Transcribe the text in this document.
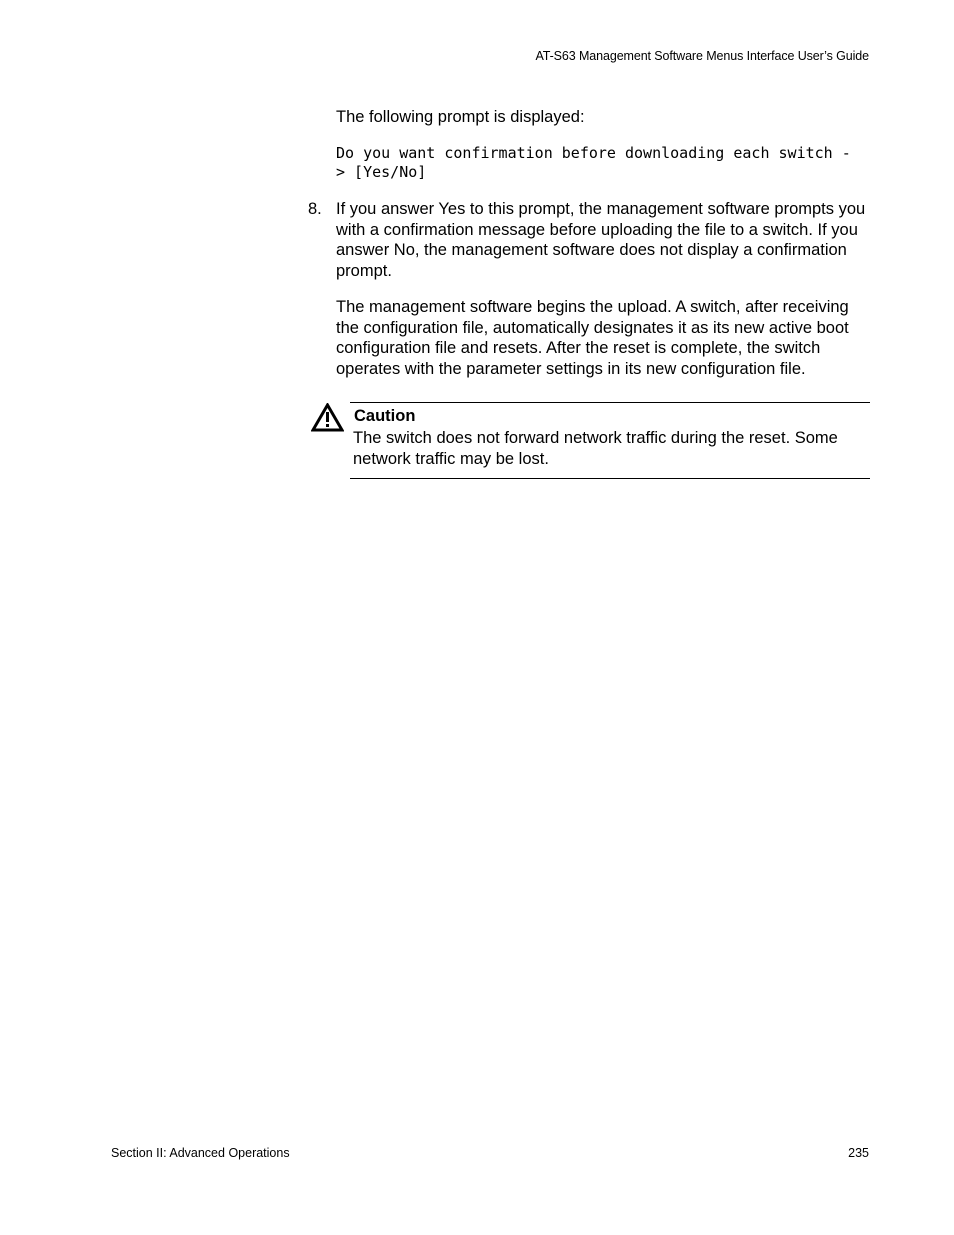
AT-S63 Management Software Menus Interface User’s Guide
The following prompt is displayed:
Do you want confirmation before downloading each switch -
> [Yes/No]
8. If you answer Yes to this prompt, the management software prompts you with a confirmation message before uploading the file to a switch. If you answer No, the management software does not display a confirmation prompt.
The management software begins the upload. A switch, after receiving the configuration file, automatically designates it as its new active boot configuration file and resets. After the reset is complete, the switch operates with the parameter settings in its new configuration file.
Caution
The switch does not forward network traffic during the reset. Some network traffic may be lost.
Section II: Advanced Operations	235
